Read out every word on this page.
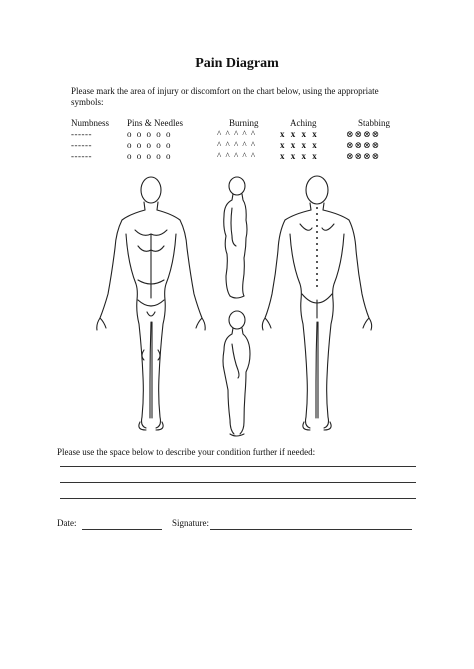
Pain Diagram
Please mark the area of injury or discomfort on the chart below, using the appropriate symbols:
Numbness
------
------
------
Pins & Needles
o o o o o
o o o o o
o o o o o
Burning
^ ^ ^ ^ ^
^ ^ ^ ^ ^
^ ^ ^ ^ ^
Aching
x x x x
x x x x
x x x x
Stabbing
⊗⊗⊗⊗
⊗⊗⊗⊗
⊗⊗⊗⊗
Please use the space below to describe your condition further if needed:
Date:	Signature:
